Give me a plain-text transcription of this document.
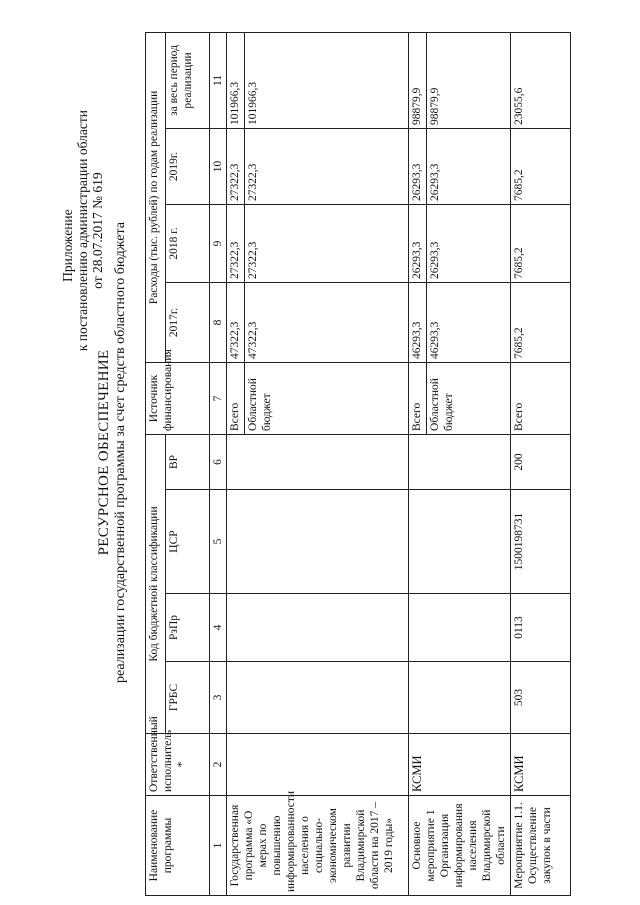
Приложение к постановлению администрации области от 28.07.2017 № 619
РЕСУРСНОЕ ОБЕСПЕЧЕНИЕ реализации государственной программы за счет средств областного бюджета
Наименование программы	Ответственный исполнитель *	Код бюджетной классификации				Источник финансирования	Расходы (тыс. рублей) по годам реализации			
		ГРБС	РзПр	ЦСР	ВР		2017г.	2018 г.	2019г.	за весь период реализации
1	2	3	4	5	6	7	8	9	10	11
Государственная программа «О мерах по повышению информированности населения о социально-экономическом развитии Владимирской области на 2017 – 2019 годы»						Всего	47322,3	27322,3	27322,3	101966,3
						Областной бюджет	47322,3	27322,3	27322,3	101966,3
Основное мероприятие 1 Организация информирования населения Владимирской области	КСМИ					Всего	46293,3	26293,3	26293,3	98879,9
						Областной бюджет	46293,3	26293,3	26293,3	98879,9
Мероприятие 1.1. Осуществление закупок в части	КСМИ	503	0113	1500198731	200	Всего	7685,2	7685,2	7685,2	23055,6
